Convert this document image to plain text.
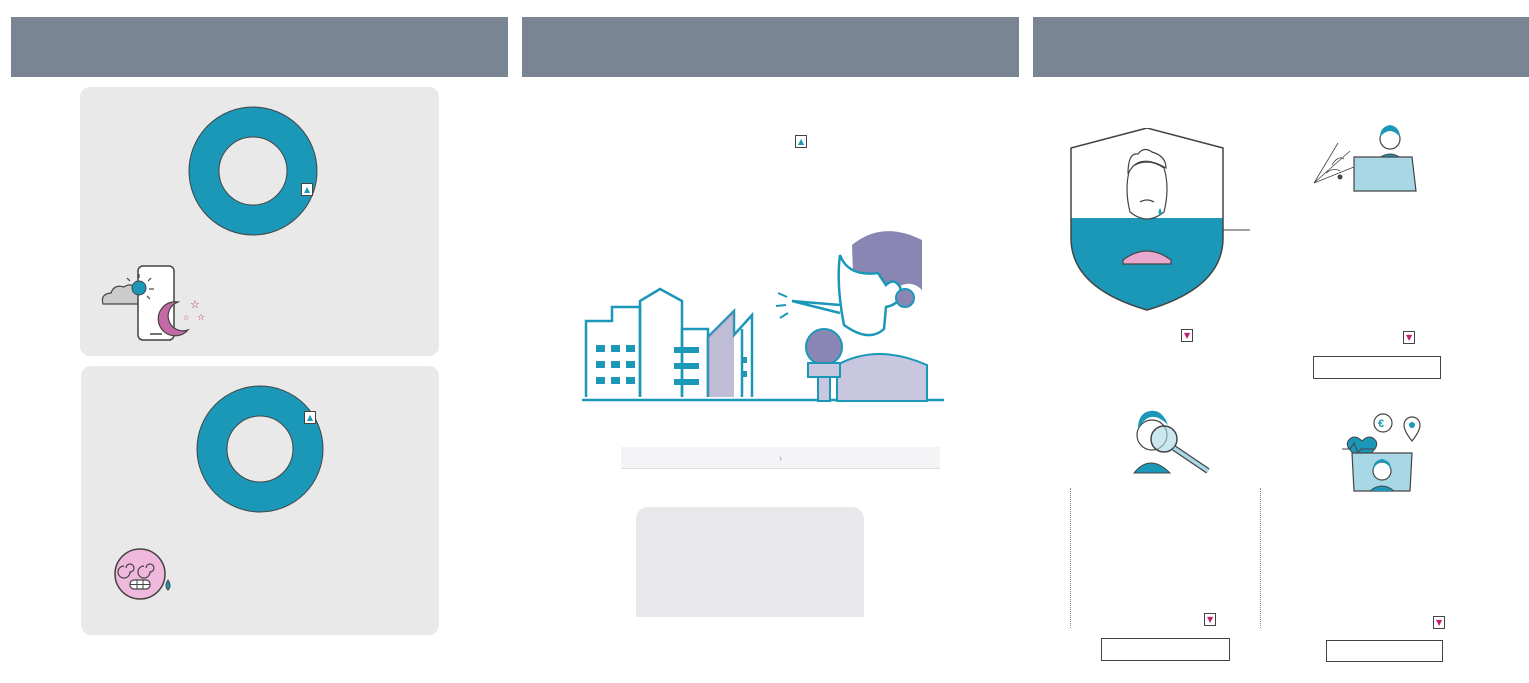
▲
☆
☆
☆
▲
▲
›
▼	▼
▼
€
▼
